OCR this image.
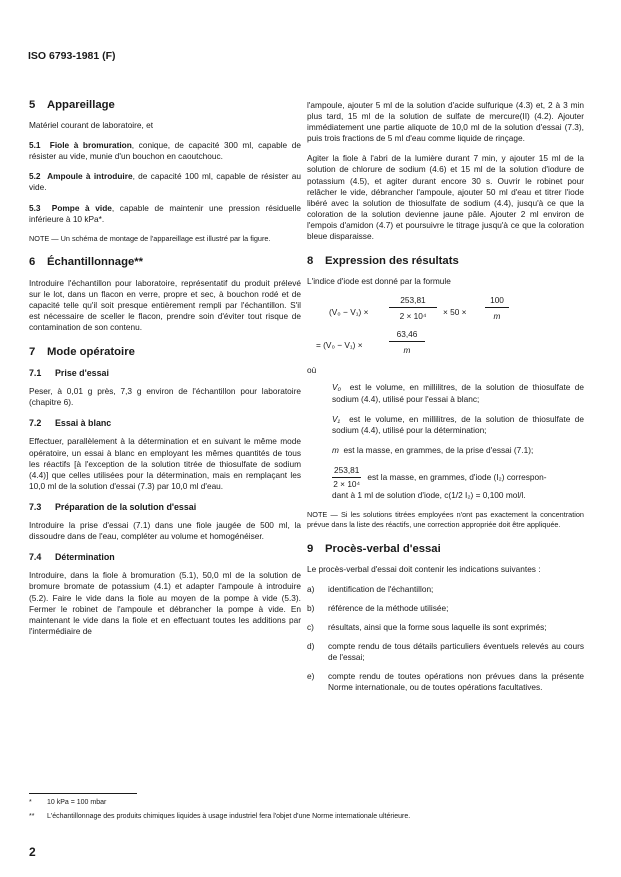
ISO 6793-1981 (F)
5 Appareillage

Matériel courant de laboratoire, et

5.1 Fiole à bromuration, conique, de capacité 300 ml, capable de résister au vide, munie d'un bouchon en caoutchouc.

5.2 Ampoule à introduire, de capacité 100 ml, capable de résister au vide.

5.3 Pompe à vide, capable de maintenir une pression résiduelle inférieure à 10 kPa*.

NOTE — Un schéma de montage de l'appareillage est illustré par la figure.
6 Échantillonnage**

Introduire l'échantillon pour laboratoire, représentatif du produit prélevé sur le lot, dans un flacon en verre, propre et sec, à bouchon rodé et de capacité telle qu'il soit presque entièrement rempli par l'échantillon. S'il est nécessaire de sceller le flacon, prendre soin d'éviter tout risque de contamination de son contenu.

7 Mode opératoire
7.1 Prise d'essai

Peser, à 0,01 g près, 7,3 g environ de l'échantillon pour laboratoire (chapitre 6).

7.2 Essai à blanc

Effectuer, parallèlement à la détermination et en suivant le même mode opératoire, un essai à blanc en employant les mêmes quantités de tous les réactifs [à l'exception de la solution titrée de thiosulfate de sodium (4.4)] que celles utilisées pour la détermination, mais en remplaçant les 10,0 ml de la solution d'essai (7.3) par 10,0 ml d'eau.

7.3 Préparation de la solution d'essai

Introduire la prise d'essai (7.1) dans une fiole jaugée de 500 ml, la dissoudre dans de l'eau, compléter au volume et homogénéiser.

7.4 Détermination

Introduire, dans la fiole à bromuration (5.1), 50,0 ml de la solution de bromure bromate de potassium (4.1) et adapter l'ampoule à introduire (5.2). Faire le vide dans la fiole au moyen de la pompe à vide (5.3). Fermer le robinet de l'ampoule et débrancher la pompe à vide. En maintenant le vide dans la fiole et en effectuant toutes les additions par l'intermédiaire de

l'ampoule, ajouter 5 ml de la solution d'acide sulfurique (4.3) et, 2 à 3 min plus tard, 15 ml de la solution de sulfate de mercure(II) (4.2). Ajouter immédiatement une partie aliquote de 10,0 ml de la solution d'essai (7.3), puis trois fractions de 5 ml d'eau comme liquide de rinçage.

Agiter la fiole à l'abri de la lumière durant 7 min, y ajouter 15 ml de la solution de chlorure de sodium (4.6) et 15 ml de la solution d'iodure de potassium (4.5), et agiter durant encore 30 s. Ouvrir le robinet pour relâcher le vide, débrancher l'ampoule, ajouter 50 ml d'eau et titrer l'iode libéré avec la solution de thiosulfate de sodium (4.4), jusqu'à ce que la coloration de la solution devienne jaune pâle. Ajouter 2 ml environ de l'empois d'amidon (4.7) et poursuivre le titrage jusqu'à ce que la coloration bleue disparaisse.

8 Expression des résultats

L'indice d'iode est donné par la formule

(V₀ − V₁) ×
253,81
2 × 10⁴	× 50 ×
100
m
= (V₀ − V₁) ×
63,46
m

où

V₀ est le volume, en millilitres, de la solution de thiosulfate de sodium (4.4), utilisé pour l'essai à blanc;

V₁ est le volume, en millilitres, de la solution de thiosulfate de sodium (4.4), utilisé pour la détermination;

m est la masse, en grammes, de la prise d'essai (7.1);

$\frac{253,81}{\text{2 × 10⁴}}$ est la masse, en grammes, d'iode (I₂) correspon-
dant à 1 ml de solution d'iode, c(1/2 I₂) = 0,100 mol/l.
NOTE — Si les solutions titrées employées n'ont pas exactement la concentration prévue dans la liste des réactifs, une correction appropriée doit être appliquée.
9 Procès-verbal d'essai

Le procès-verbal d'essai doit contenir les indications suivantes :

a)	identification de l'échantillon;
b)	référence de la méthode utilisée;
c)	résultats, ainsi que la forme sous laquelle ils sont exprimés;
d)	compte rendu de tous détails particuliers éventuels relevés au cours de l'essai;
e)	compte rendu de toutes opérations non prévues dans la présente Norme internationale, ou de toutes opérations facultatives.
* 10 kPa = 100 mbar
** L'échantillonnage des produits chimiques liquides à usage industriel fera l'objet d'une Norme internationale ultérieure.
2
